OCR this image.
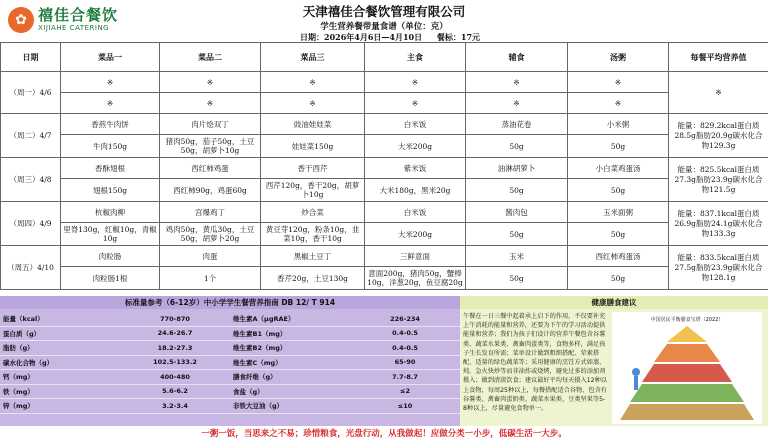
✿ 禧佳合餐饮
XIJIAHE CATERING
天津禧佳合餐饮管理有限公司
学生营养餐带量食谱（单位：克）
日期：2026年4月6日—4月10日 餐标：17元
日期	菜品一	菜品二	菜品三	主食	辅食	汤粥	每餐平均营养值
（周一）4/6	※	※	※	※	※	※	※
	※	※	※	※	※	※	
（周二）4/7	香煎牛肉饼	肉片烩双丁	豉油娃娃菜	白米饭	蒸油花卷	小米粥	能量：829.2kcal蛋白质28.5g脂肪20.9g碳水化合物129.3g
	牛肉150g	猪肉50g，茄子50g，土豆50g，胡萝卜10g	娃娃菜150g	大米200g	50g	50g	
（周三）4/8	香酥翅根	西红柿鸡蛋	香干西芹	紫米饭	油淋胡萝卜	小白菜鸡蛋汤	能量：825.5kcal蛋白质27.3g脂肪23.9g碳水化合物121.5g
	翅根150g	西红柿90g，鸡蛋60g	西芹120g，香干20g，胡萝卜10g	大米180g，黑米20g	50g	50g	
（周四）4/9	杭椒肉柳	宫爆鸡丁	炒合菜	白米饭	酱肉包	玉米面粥	能量：837.1kcal蛋白质26.9g脂肪24.1g碳水化合物133.3g
	里脊130g，红椒10g，青椒10g	鸡肉50g，黄瓜30g，土豆50g，胡萝卜20g	黄豆芽120g，粉条10g，韭菜10g，香干10g	大米200g	50g	50g	
（周五）4/10	肉粒肠	肉蛋	黑椒土豆丁	三鲜意面	玉米	西红柿鸡蛋汤	能量：833.5kcal蛋白质27.5g脂肪23.9g碳水化合物128.1g
	肉粒肠1根	1个	香芹20g，土豆130g	意面200g，猪肉50g，蟹棒10g，洋葱20g，鱼豆腐20g	50g	50g	
标准量参考（6-12岁）中小学学生餐营养指南 DB 12/ T 914
能量（kcal）	770-870	维生素A（μgRAE）	226-234
蛋白质（g）	24.6-26.7	维生素B1（mg）	0.4-0.5
脂肪（g）	18.2-27.3	维生素B2（mg）	0.4-0.5
碳水化合物（g）	102.5-133.2	维生素C（mg）	65-90
钙（mg）	400-480	膳食纤维（g）	7.7-8.7
铁（mg）	5.6-6.2	食盐（g）	≤2
锌（mg）	3.2-3.4	非铁大豆油（g）	≤10
健康膳食建议
午餐在一日三餐中起着承上启下的作用，不仅要补充上午消耗的能量和营养，还要为下午的学习活动提供能量和营养；我们为孩子们设计的营养午餐包含谷薯类、蔬菜水果类、禽畜肉蛋类等，食物多样，满足孩子生长发育所需；菜单设计做到粗细搭配、荤素搭配、适量的绿色蔬菜等；采用健康的烹饪方式如蒸、炖、急火快炒等而非油炸或烧烤，避免过多的添加剂摄入；做到清淡饮食；建议最好平均每天摄入12种以上食物，每周25种以上，每餐搭配适合谷物、包含有谷薯类、禽畜肉蛋奶类、蔬菜水果类、豆类坚果等5-8种以上，尽量避免食物单一。
中国居民平衡膳食宝塔（2022）
一粥一饭，当思来之不易；珍惜粮食，光盘行动，从我做起！应做分类一小步，低碳生活一大步。
